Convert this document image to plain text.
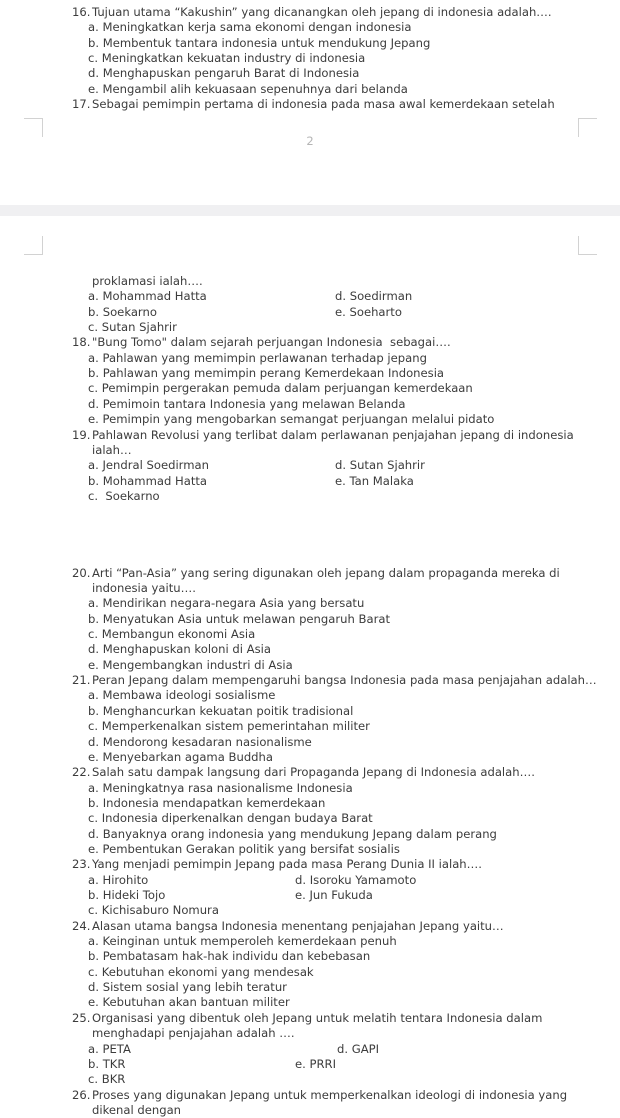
16. Tujuan utama “Kakushin” yang dicanangkan oleh jepang di indonesia adalah….
a. Meningkatkan kerja sama ekonomi dengan indonesia
b. Membentuk tantara indonesia untuk mendukung Jepang
c. Meningkatkan kekuatan industry di indonesia
d. Menghapuskan pengaruh Barat di Indonesia
e. Mengambil alih kekuasaan sepenuhnya dari belanda
17. Sebagai pemimpin pertama di indonesia pada masa awal kemerdekaan setelah
2
proklamasi ialah….
a. Mohammad Hatta	d. Soedirman
b. Soekarno	e. Soeharto
c. Sutan Sjahrir
18. "Bung Tomo" dalam sejarah perjuangan Indonesia  sebagai….
a. Pahlawan yang memimpin perlawanan terhadap jepang
b. Pahlawan yang memimpin perang Kemerdekaan Indonesia
c. Pemimpin pergerakan pemuda dalam perjuangan kemerdekaan
d. Pemimoin tantara Indonesia yang melawan Belanda
e. Pemimpin yang mengobarkan semangat perjuangan melalui pidato
19. Pahlawan Revolusi yang terlibat dalam perlawanan penjajahan jepang di indonesia
ialah…
a. Jendral Soedirman	d. Sutan Sjahrir
b. Mohammad Hatta	e. Tan Malaka
c.  Soekarno
20. Arti “Pan-Asia” yang sering digunakan oleh jepang dalam propaganda mereka di
indonesia yaitu….
a. Mendirikan negara-negara Asia yang bersatu
b. Menyatukan Asia untuk melawan pengaruh Barat
c. Membangun ekonomi Asia
d. Menghapuskan koloni di Asia
e. Mengembangkan industri di Asia
21. Peran Jepang dalam mempengaruhi bangsa Indonesia pada masa penjajahan adalah…
a. Membawa ideologi sosialisme
b. Menghancurkan kekuatan poitik tradisional
c. Memperkenalkan sistem pemerintahan militer
d. Mendorong kesadaran nasionalisme
e. Menyebarkan agama Buddha
22. Salah satu dampak langsung dari Propaganda Jepang di Indonesia adalah….
a. Meningkatnya rasa nasionalisme Indonesia
b. Indonesia mendapatkan kemerdekaan
c. Indonesia diperkenalkan dengan budaya Barat
d. Banyaknya orang indonesia yang mendukung Jepang dalam perang
e. Pembentukan Gerakan politik yang bersifat sosialis
23. Yang menjadi pemimpin Jepang pada masa Perang Dunia II ialah….
a. Hirohito	d. Isoroku Yamamoto
b. Hideki Tojo	e. Jun Fukuda
c. Kichisaburo Nomura
24. Alasan utama bangsa Indonesia menentang penjajahan Jepang yaitu…
a. Keinginan untuk memperoleh kemerdekaan penuh
b. Pembatasam hak-hak individu dan kebebasan
c. Kebutuhan ekonomi yang mendesak
d. Sistem sosial yang lebih teratur
e. Kebutuhan akan bantuan militer
25. Organisasi yang dibentuk oleh Jepang untuk melatih tentara Indonesia dalam
menghadapi penjajahan adalah ….
a. PETA	d. GAPI
b. TKR	e. PRRI
c. BKR
26. Proses yang digunakan Jepang untuk memperkenalkan ideologi di indonesia yang
dikenal dengan
